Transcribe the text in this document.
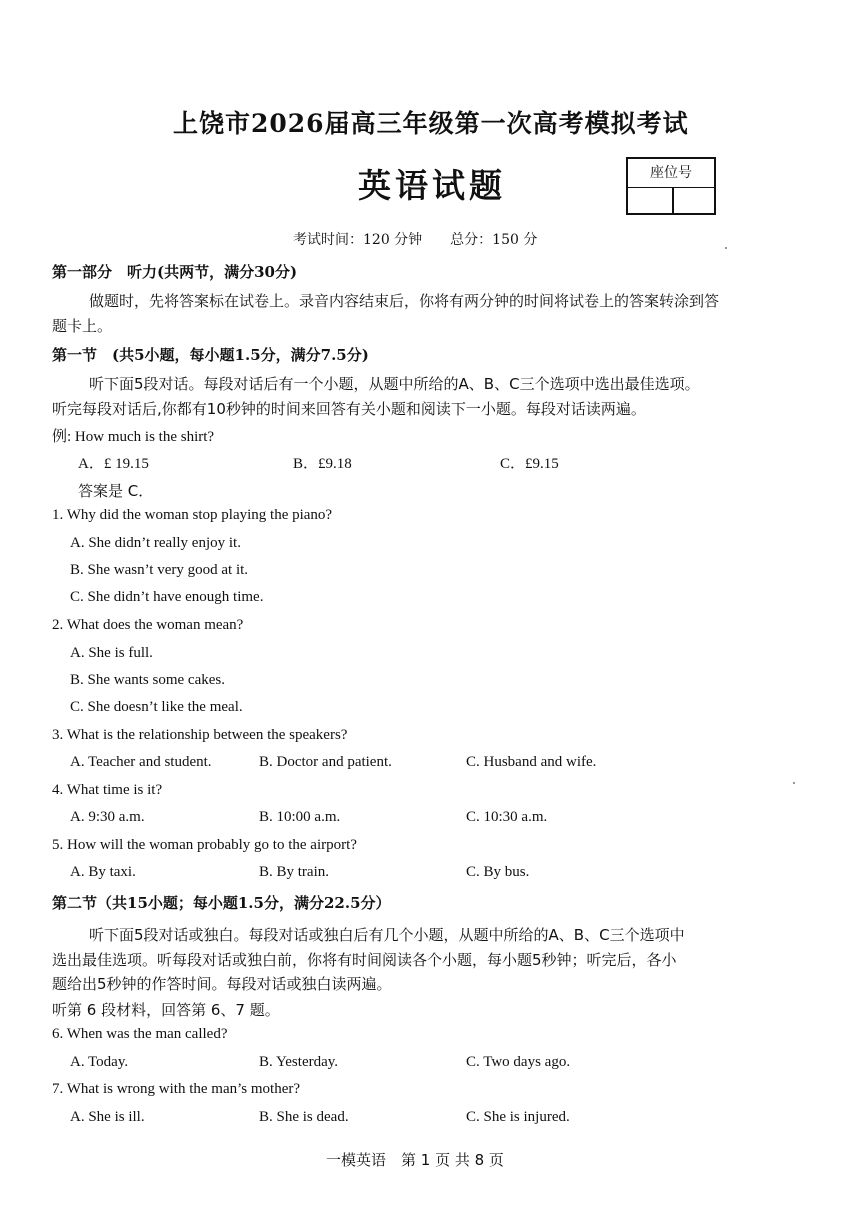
上饶市2026届高三年级第一次高考模拟考试
英语试题	座位号
考试时间：120 分钟　　总分：150 分
第一部分　听力(共两节，满分30分)
做题时，先将答案标在试卷上。录音内容结束后，你将有两分钟的时间将试卷上的答案转涂到答
题卡上。
第一节　(共5小题，每小题1.5分，满分7.5分)
听下面5段对话。每段对话后有一个小题，从题中所给的A、B、C三个选项中选出最佳选项。
听完每段对话后,你都有10秒钟的时间来回答有关小题和阅读下一小题。每段对话读两遍。
例: How much is the shirt?
A．£ 19.15	B．£9.18	C．£9.15
答案是 C．
1. Why did the woman stop playing the piano?
A. She didn’t really enjoy it.
B. She wasn’t very good at it.
C. She didn’t have enough time.
2. What does the woman mean?
A. She is full.
B. She wants some cakes.
C. She doesn’t like the meal.
3. What is the relationship between the speakers?
A. Teacher and student.	B. Doctor and patient.	C. Husband and wife.
4. What time is it?
A. 9:30 a.m.	B. 10:00 a.m.	C. 10:30 a.m.
5. How will the woman probably go to the airport?
A. By taxi.	B. By train.	C. By bus.
第二节（共15小题；每小题1.5分，满分22.5分）
听下面5段对话或独白。每段对话或独白后有几个小题，从题中所给的A、B、C三个选项中
选出最佳选项。听每段对话或独白前，你将有时间阅读各个小题，每小题5秒钟；听完后，各小
题给出5秒钟的作答时间。每段对话或独白读两遍。
听第 6 段材料，回答第 6、7 题。
6. When was the man called?
A. Today.	B. Yesterday.	C. Two days ago.
7. What is wrong with the man’s mother?
A. She is ill.	B. She is dead.	C. She is injured.
一模英语　第 1 页 共 8 页
